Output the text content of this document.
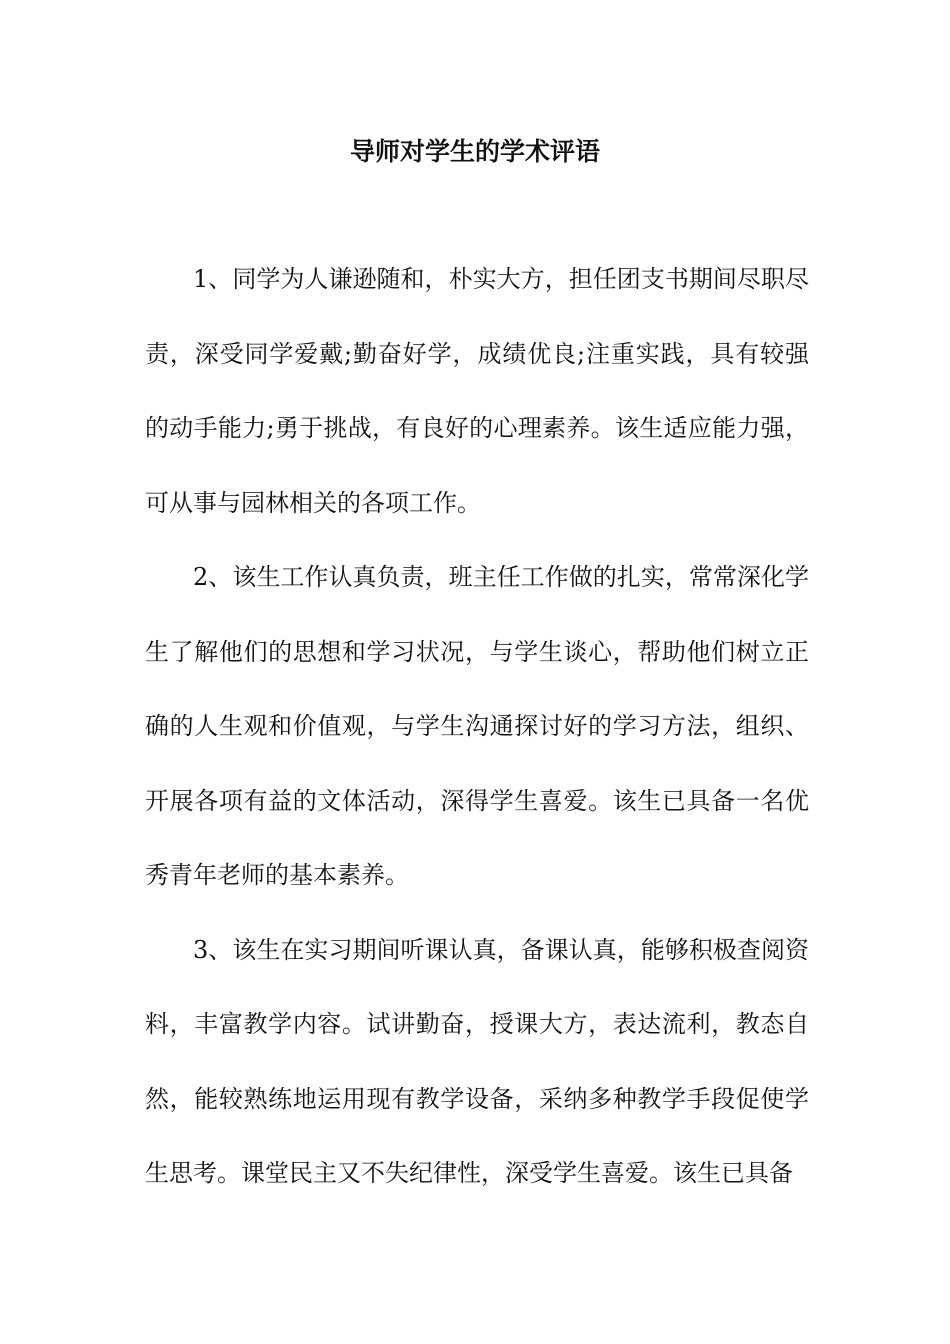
导师对学生的学术评语

1、同学为人谦逊随和，朴实大方，担任团支书期间尽职尽责，深受同学爱戴;勤奋好学，成绩优良;注重实践，具有较强的动手能力;勇于挑战，有良好的心理素养。该生适应能力强，可从事与园林相关的各项工作。

2、该生工作认真负责，班主任工作做的扎实，常常深化学生了解他们的思想和学习状况，与学生谈心，帮助他们树立正确的人生观和价值观，与学生沟通探讨好的学习方法，组织、开展各项有益的文体活动，深得学生喜爱。该生已具备一名优秀青年老师的基本素养。

3、该生在实习期间听课认真，备课认真，能够积极查阅资料，丰富教学内容。试讲勤奋，授课大方，表达流利，教态自然，能较熟练地运用现有教学设备，采纳多种教学手段促使学生思考。课堂民主又不失纪律性，深受学生喜爱。该生已具备
